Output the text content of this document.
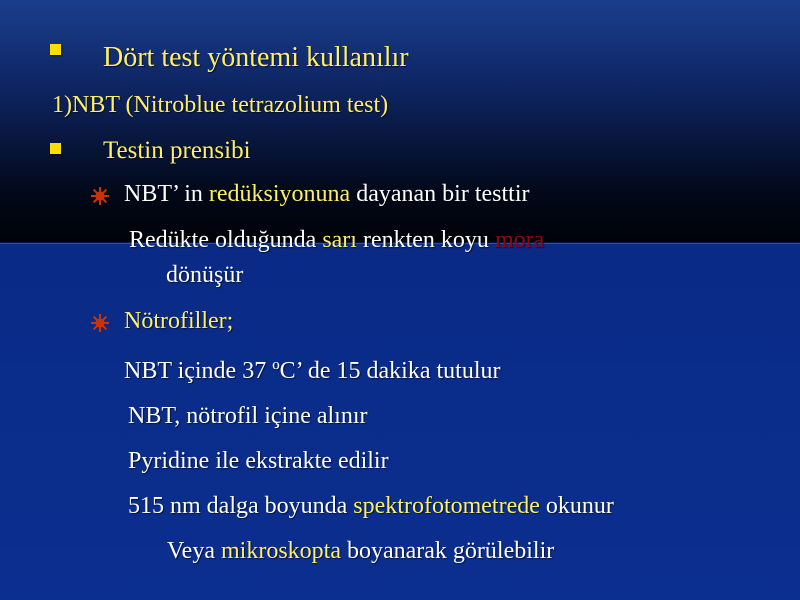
Dört test yöntemi kullanılır
1)NBT (Nitroblue tetrazolium test)
Testin prensibi
NBT’ in redüksiyonuna dayanan bir testtir
Redükte olduğunda sarı renkten koyu mora
dönüşür
Nötrofiller;
NBT içinde 37 ºC’ de 15 dakika tutulur
NBT, nötrofil içine alınır
Pyridine ile ekstrakte edilir
515 nm dalga boyunda spektrofotometrede okunur
Veya mikroskopta boyanarak görülebilir
